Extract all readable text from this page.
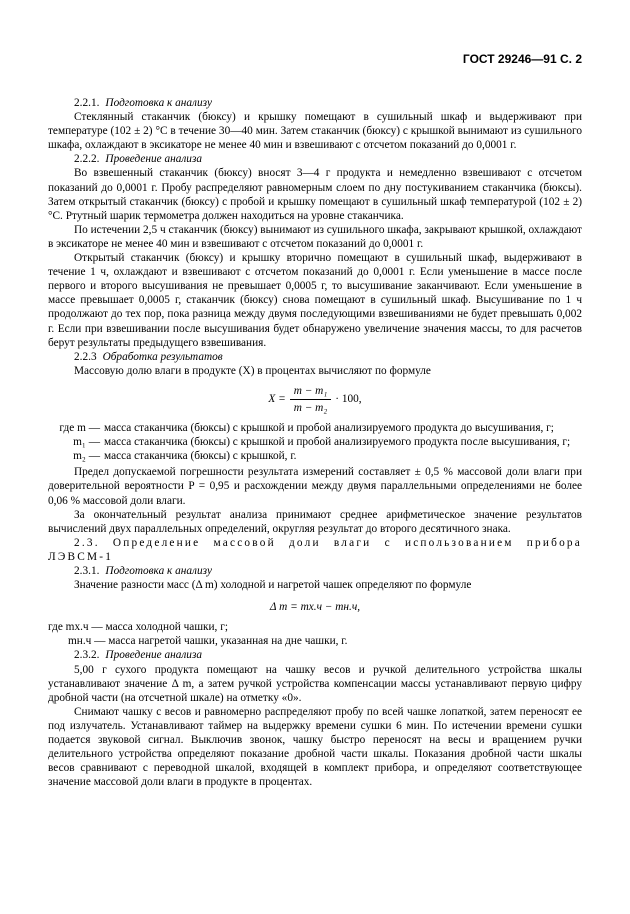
ГОСТ 29246—91 С. 2

2.2.1. Подготовка к анализу

Стеклянный стаканчик (бюксу) и крышку помещают в сушильный шкаф и выдерживают при температуре (102 ± 2) °С в течение 30—40 мин. Затем стаканчик (бюксу) с крышкой вынимают из сушильного шкафа, охлаждают в эксикаторе не менее 40 мин и взвешивают с отсчетом показаний до 0,0001 г.

2.2.2. Проведение анализа

Во взвешенный стаканчик (бюксу) вносят 3—4 г продукта и немедленно взвешивают с отсчетом показаний до 0,0001 г. Пробу распределяют равномерным слоем по дну постукиванием стаканчика (бюксы). Затем открытый стаканчик (бюксу) с пробой и крышку помещают в сушильный шкаф температурой (102 ± 2) °С. Ртутный шарик термометра должен находиться на уровне стаканчика.

По истечении 2,5 ч стаканчик (бюксу) вынимают из сушильного шкафа, закрывают крышкой, охлаждают в эксикаторе не менее 40 мин и взвешивают с отсчетом показаний до 0,0001 г.

Открытый стаканчик (бюксу) и крышку вторично помещают в сушильный шкаф, выдерживают в течение 1 ч, охлаждают и взвешивают с отсчетом показаний до 0,0001 г. Если уменьшение в массе после первого и второго высушивания не превышает 0,0005 г, то высушивание заканчивают. Если уменьшение в массе превышает 0,0005 г, стаканчик (бюксу) снова помещают в сушильный шкаф. Высушивание по 1 ч продолжают до тех пор, пока разница между двумя последующими взвешиваниями не будет превышать 0,002 г. Если при взвешивании после высушивания будет обнаружено увеличение значения массы, то для расчетов берут результаты предыдущего взвешивания.

2.2.3 Обработка результатов

Массовую долю влаги в продукте (X) в процентах вычисляют по формуле

$X = \frac{\text{m − m₁}}{\text{m − m₂}} \cdot 100$,
где m — масса стаканчика (бюксы) с крышкой и пробой анализируемого продукта до высушивания, г;
m₁ — масса стаканчика (бюксы) с крышкой и пробой анализируемого продукта после высушивания, г;
m₂ — масса стаканчика (бюксы) с крышкой, г.

Предел допускаемой погрешности результата измерений составляет ± 0,5 % массовой доли влаги при доверительной вероятности P = 0,95 и расхождении между двумя параллельными определениями не более 0,06 % массовой доли влаги.

За окончательный результат анализа принимают среднее арифметическое значение результатов вычислений двух параллельных определений, округляя результат до второго десятичного знака.

2.3. Определение массовой доли влаги с использованием прибора ЛЭВСМ-1

2.3.1. Подготовка к анализу

Значение разности масс (Δ m) холодной и нагретой чашек определяют по формуле

Δ m = mх.ч − mн.ч,

где mх.ч — масса холодной чашки, г;

mн.ч — масса нагретой чашки, указанная на дне чашки, г.

2.3.2. Проведение анализа

5,00 г сухого продукта помещают на чашку весов и ручкой делительного устройства шкалы устанавливают значение Δ m, а затем ручкой устройства компенсации массы устанавливают первую цифру дробной части (на отсчетной шкале) на отметку «0».

Снимают чашку с весов и равномерно распределяют пробу по всей чашке лопаткой, затем переносят ее под излучатель. Устанавливают таймер на выдержку времени сушки 6 мин. По истечении времени сушки подается звуковой сигнал. Выключив звонок, чашку быстро переносят на весы и вращением ручки делительного устройства определяют показание дробной части шкалы. Показания дробной части шкалы весов сравнивают с переводной шкалой, входящей в комплект прибора, и определяют соответствующее значение массовой доли влаги в продукте в процентах.
